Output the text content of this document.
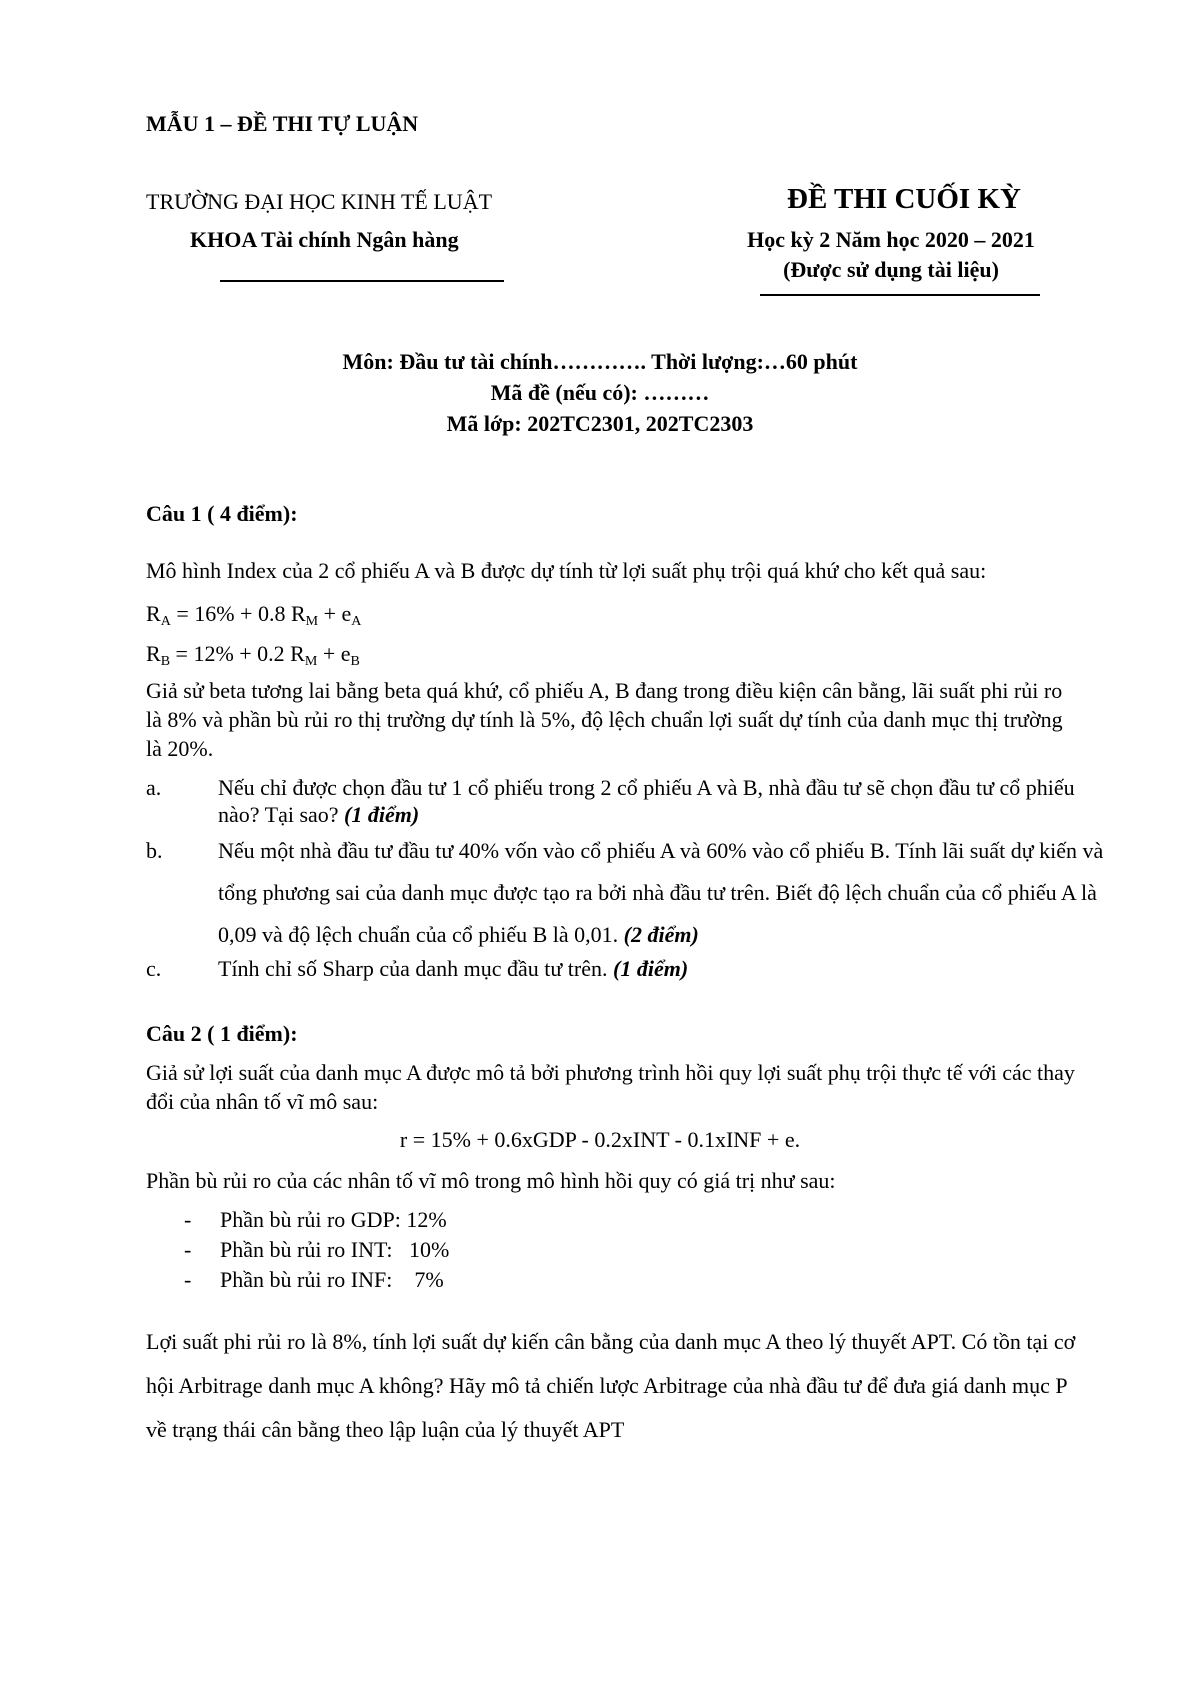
MẪU 1 – ĐỀ THI TỰ LUẬN
TRƯỜNG ĐẠI HỌC KINH TẾ LUẬT
KHOA Tài chính Ngân hàng
ĐỀ THI CUỐI KỲ
Học kỳ 2 Năm học 2020 – 2021
(Được sử dụng tài liệu)
Môn: Đầu tư tài chính…………. Thời lượng:…60 phút
Mã đề (nếu có): ………
Mã lớp: 202TC2301, 202TC2303
Câu 1 ( 4 điểm):
Mô hình Index của 2 cổ phiếu A và B được dự tính từ lợi suất phụ trội quá khứ cho kết quả sau:
$R_A = 16\% + 0.8$ $R_M + e_A$
$R_B = 12\% + 0.2$ $R_M + e_B$
Giả sử beta tương lai bằng beta quá khứ, cổ phiếu A, B đang trong điều kiện cân bằng, lãi suất phi rủi ro là 8% và phần bù rủi ro thị trường dự tính là 5%, độ lệch chuẩn lợi suất dự tính của danh mục thị trường là 20%.
a.	Nếu chỉ được chọn đầu tư 1 cổ phiếu trong 2 cổ phiếu A và B, nhà đầu tư sẽ chọn đầu tư cổ phiếu nào? Tại sao? (1 điểm)
b.	Nếu một nhà đầu tư đầu tư 40% vốn vào cổ phiếu A và 60% vào cổ phiếu B. Tính lãi suất dự kiến và tổng phương sai của danh mục được tạo ra bởi nhà đầu tư trên. Biết độ lệch chuẩn của cổ phiếu A là 0,09 và độ lệch chuẩn của cổ phiếu B là 0,01. (2 điểm)
c.	Tính chỉ số Sharp của danh mục đầu tư trên. (1 điểm)
Câu 2 ( 1 điểm):
Giả sử lợi suất của danh mục A được mô tả bởi phương trình hồi quy lợi suất phụ trội thực tế với các thay đổi của nhân tố vĩ mô sau:
r = 15% + 0.6xGDP - 0.2xINT - 0.1xINF + e.
Phần bù rủi ro của các nhân tố vĩ mô trong mô hình hồi quy có giá trị như sau:
- Phần bù rủi ro GDP: 12%
- Phần bù rủi ro INT: 10%
- Phần bù rủi ro INF: 7%
Lợi suất phi rủi ro là 8%, tính lợi suất dự kiến cân bằng của danh mục A theo lý thuyết APT. Có tồn tại cơ hội Arbitrage danh mục A không? Hãy mô tả chiến lược Arbitrage của nhà đầu tư để đưa giá danh mục P về trạng thái cân bằng theo lập luận của lý thuyết APT
